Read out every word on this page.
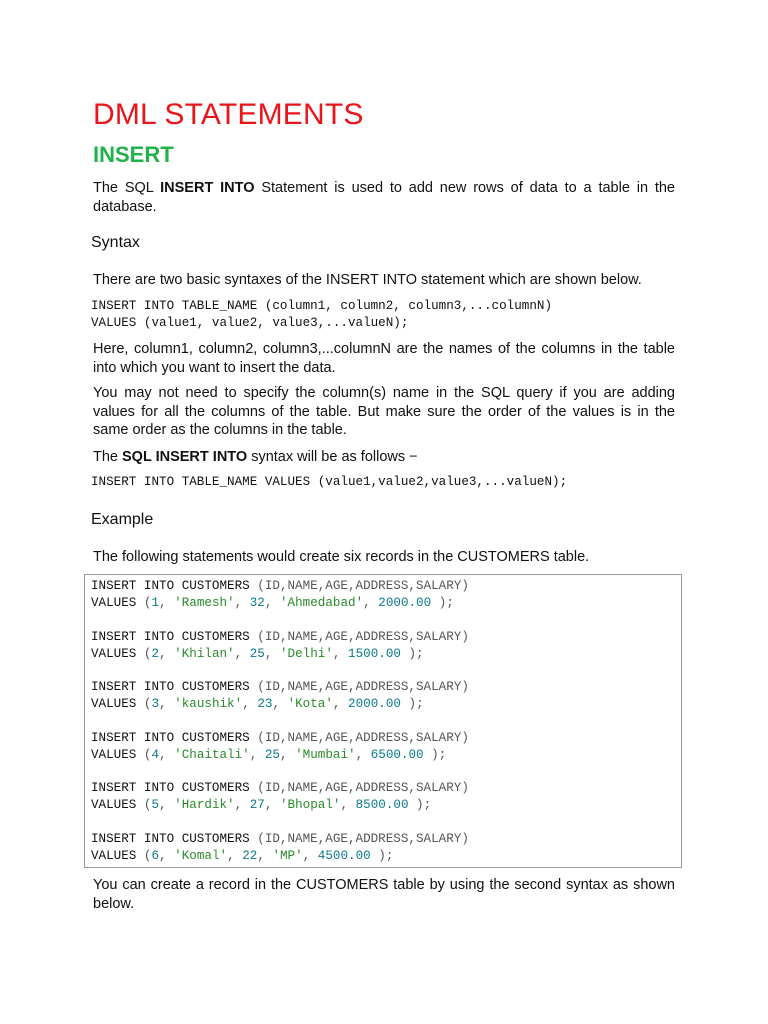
DML STATEMENTS
INSERT
The SQL INSERT INTO Statement is used to add new rows of data to a table in the database.
Syntax
There are two basic syntaxes of the INSERT INTO statement which are shown below.
INSERT INTO TABLE_NAME (column1, column2, column3,...columnN)
VALUES (value1, value2, value3,...valueN);
Here, column1, column2, column3,...columnN are the names of the columns in the table into which you want to insert the data.
You may not need to specify the column(s) name in the SQL query if you are adding values for all the columns of the table. But make sure the order of the values is in the same order as the columns in the table.
The SQL INSERT INTO syntax will be as follows −
INSERT INTO TABLE_NAME VALUES (value1,value2,value3,...valueN);
Example
The following statements would create six records in the CUSTOMERS table.
INSERT INTO CUSTOMERS (ID,NAME,AGE,ADDRESS,SALARY)
VALUES (1, 'Ramesh', 32, 'Ahmedabad', 2000.00 );
INSERT INTO CUSTOMERS (ID,NAME,AGE,ADDRESS,SALARY)
VALUES (2, 'Khilan', 25, 'Delhi', 1500.00 );
INSERT INTO CUSTOMERS (ID,NAME,AGE,ADDRESS,SALARY)
VALUES (3, 'kaushik', 23, 'Kota', 2000.00 );
INSERT INTO CUSTOMERS (ID,NAME,AGE,ADDRESS,SALARY)
VALUES (4, 'Chaitali', 25, 'Mumbai', 6500.00 );
INSERT INTO CUSTOMERS (ID,NAME,AGE,ADDRESS,SALARY)
VALUES (5, 'Hardik', 27, 'Bhopal', 8500.00 );
INSERT INTO CUSTOMERS (ID,NAME,AGE,ADDRESS,SALARY)
VALUES (6, 'Komal', 22, 'MP', 4500.00 );
You can create a record in the CUSTOMERS table by using the second syntax as shown below.
